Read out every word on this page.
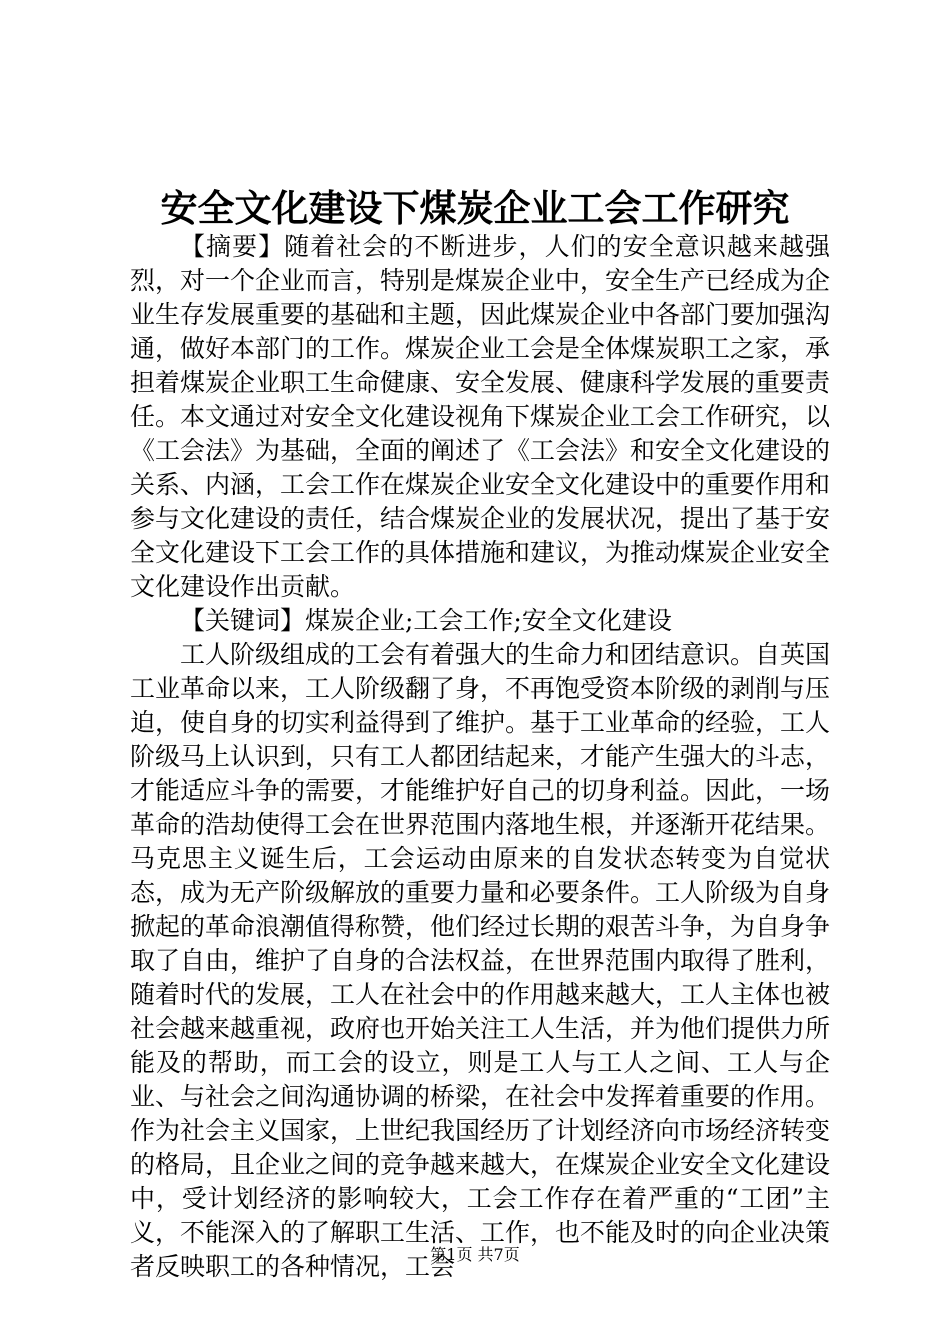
安全文化建设下煤炭企业工会工作研究

【摘要】随着社会的不断进步，人们的安全意识越来越强烈，对一个企业而言，特别是煤炭企业中，安全生产已经成为企业生存发展重要的基础和主题，因此煤炭企业中各部门要加强沟通，做好本部门的工作。煤炭企业工会是全体煤炭职工之家，承担着煤炭企业职工生命健康、安全发展、健康科学发展的重要责任。本文通过对安全文化建设视角下煤炭企业工会工作研究，以《工会法》为基础，全面的阐述了《工会法》和安全文化建设的关系、内涵，工会工作在煤炭企业安全文化建设中的重要作用和参与文化建设的责任，结合煤炭企业的发展状况，提出了基于安全文化建设下工会工作的具体措施和建议，为推动煤炭企业安全文化建设作出贡献。

【关键词】煤炭企业;工会工作;安全文化建设

工人阶级组成的工会有着强大的生命力和团结意识。自英国工业革命以来，工人阶级翻了身，不再饱受资本阶级的剥削与压迫，使自身的切实利益得到了维护。基于工业革命的经验，工人阶级马上认识到，只有工人都团结起来，才能产生强大的斗志，才能适应斗争的需要，才能维护好自己的切身利益。因此，一场革命的浩劫使得工会在世界范围内落地生根，并逐渐开花结果。马克思主义诞生后，工会运动由原来的自发状态转变为自觉状态，成为无产阶级解放的重要力量和必要条件。工人阶级为自身掀起的革命浪潮值得称赞，他们经过长期的艰苦斗争，为自身争取了自由，维护了自身的合法权益，在世界范围内取得了胜利，随着时代的发展，工人在社会中的作用越来越大，工人主体也被社会越来越重视，政府也开始关注工人生活，并为他们提供力所能及的帮助，而工会的设立，则是工人与工人之间、工人与企业、与社会之间沟通协调的桥梁，在社会中发挥着重要的作用。作为社会主义国家，上世纪我国经历了计划经济向市场经济转变的格局，且企业之间的竞争越来越大，在煤炭企业安全文化建设中，受计划经济的影响较大，工会工作存在着严重的“工团”主义，不能深入的了解职工生活、工作，也不能及时的向企业决策者反映职工的各种情况，工会

第1页 共7页
